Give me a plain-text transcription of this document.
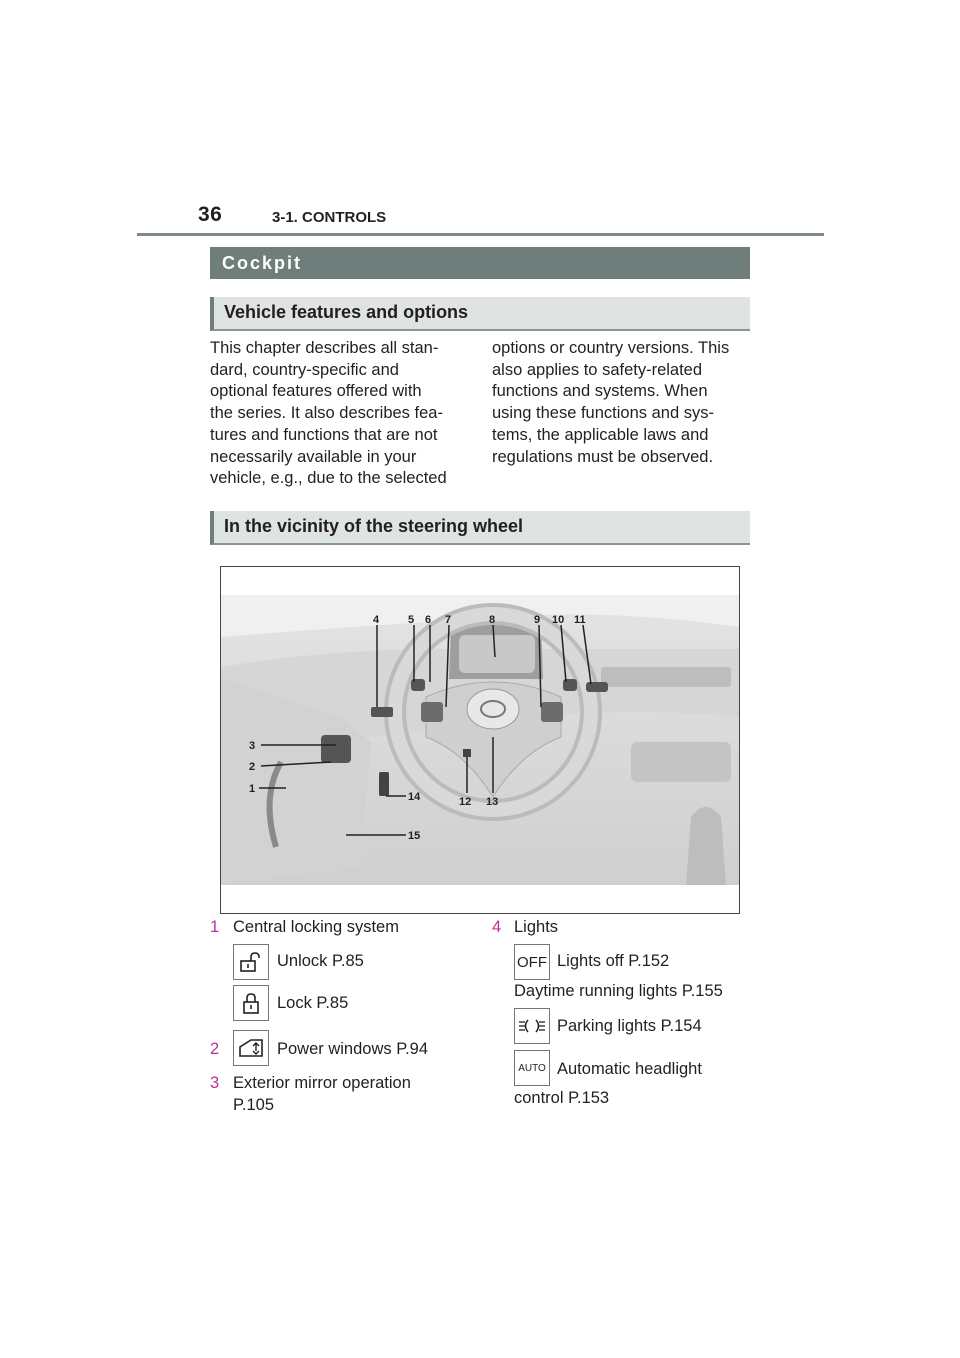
36	3-1. CONTROLS
Cockpit
Vehicle features and options
This chapter describes all stan-
dard, country-specific and
optional features offered with
the series. It also describes fea-
tures and functions that are not
necessarily available in your
vehicle, e.g., due to the selected
options or country versions. This
also applies to safety-related
functions and systems. When
using these functions and sys-
tems, the applicable laws and
regulations must be observed.
In the vicinity of the steering wheel
4	5 6 7	8	9 10 11
3
2
1
12 13
14
15
1 Central locking system
Unlock P.85
Lock P.85
2	Power windows P.94
3 Exterior mirror operation
P.105
4 Lights
OFF Lights off P.152
Daytime running lights P.155
Parking lights P.154
AUTO Automatic headlight
control P.153
